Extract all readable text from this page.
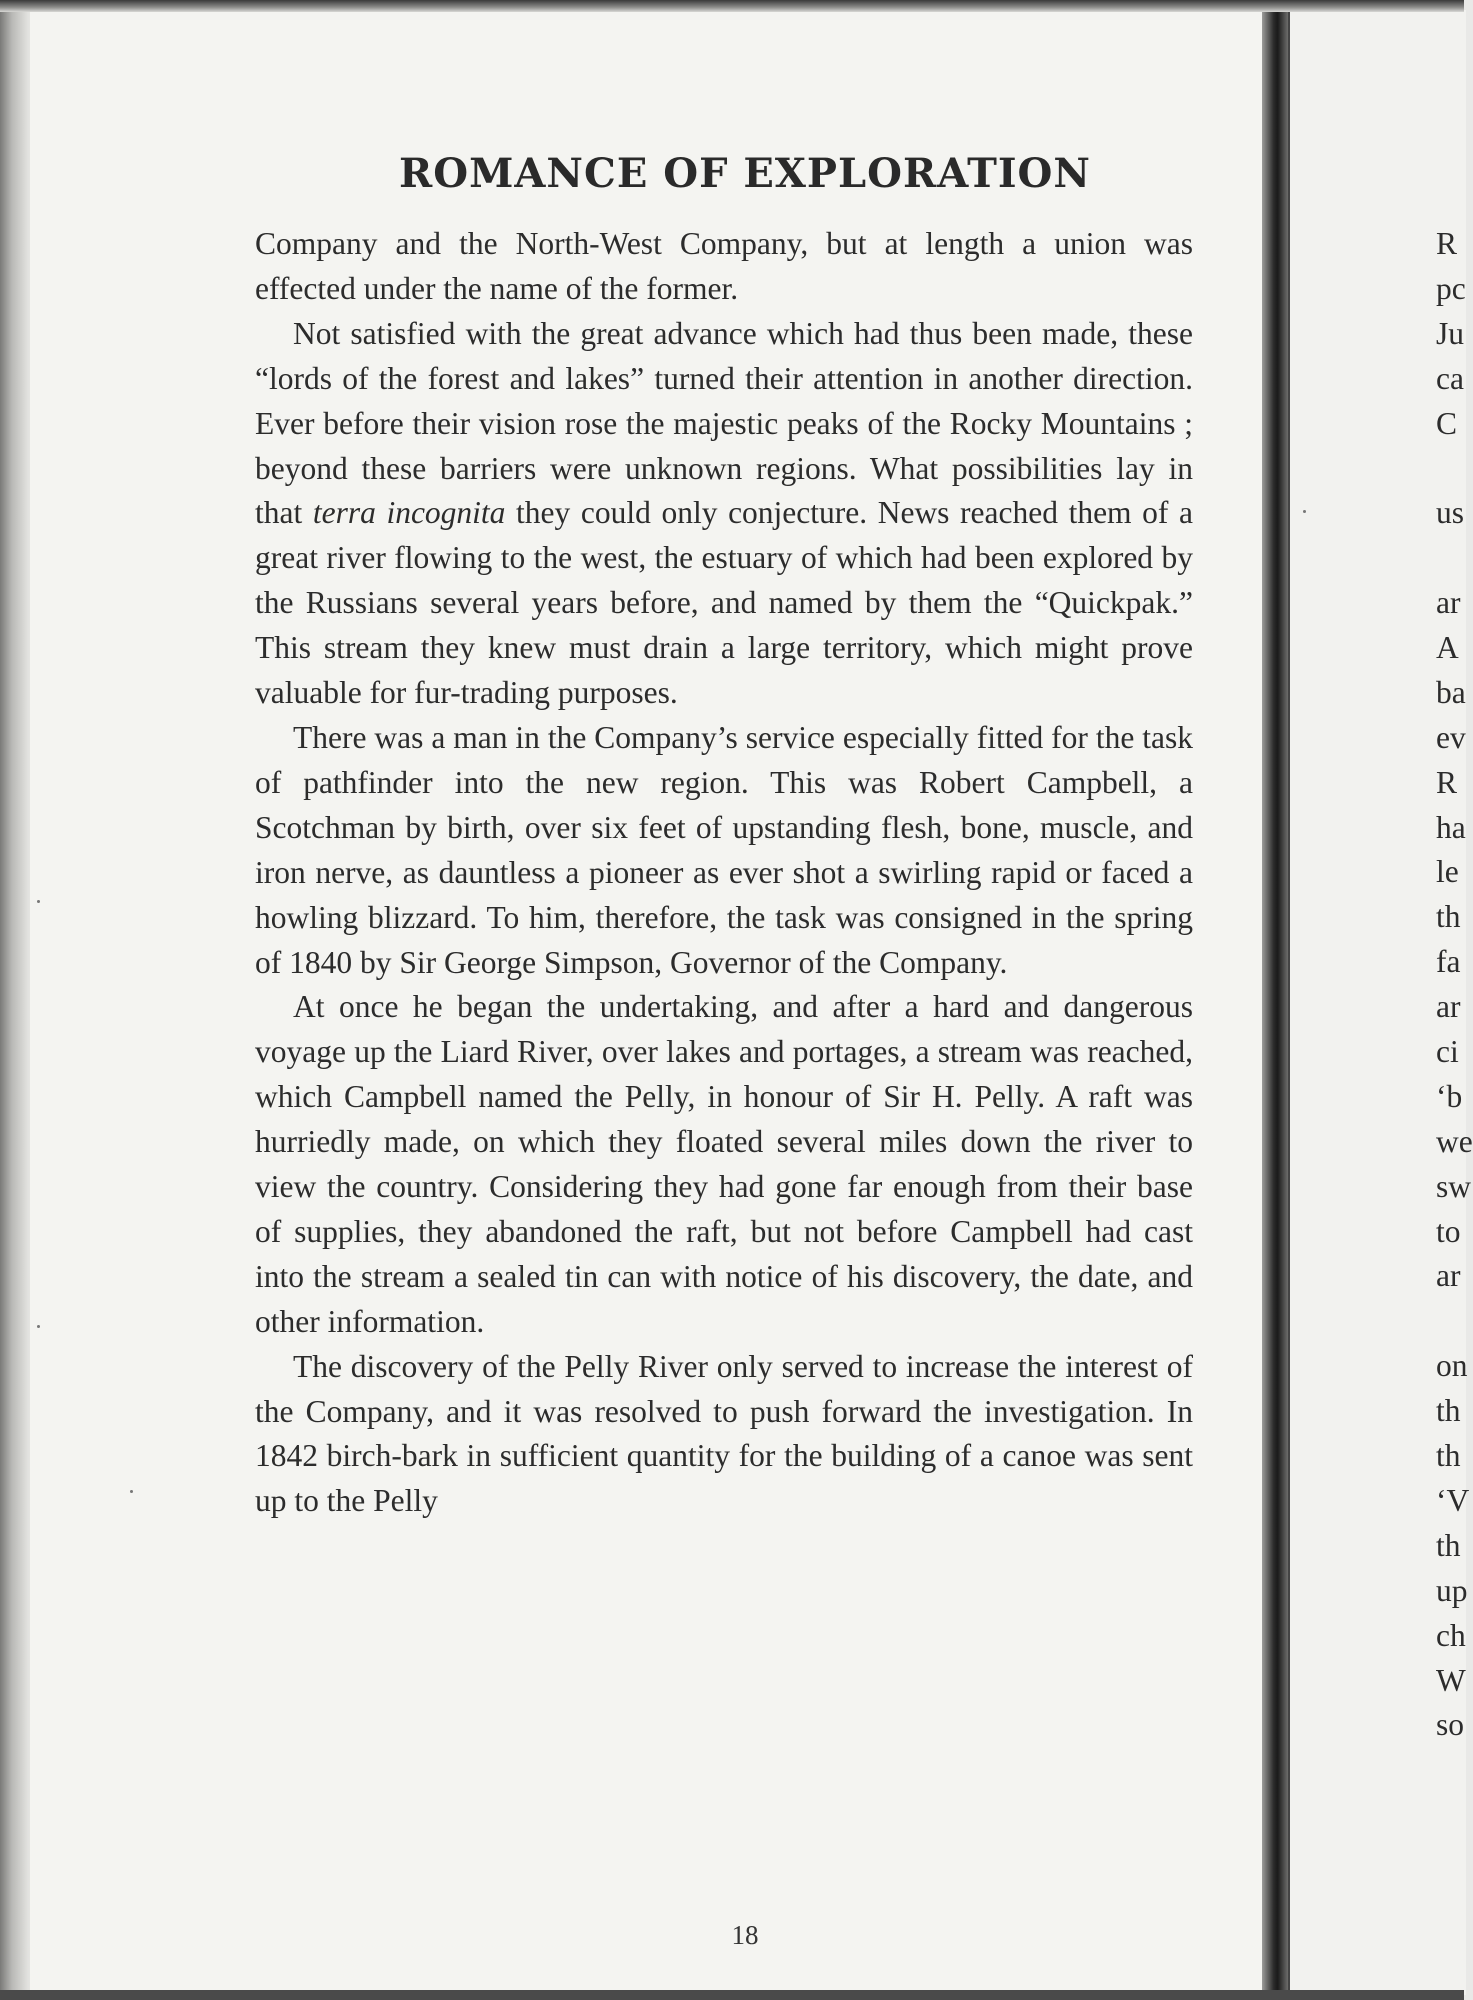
ROMANCE OF EXPLORATION

Company and the North-West Company, but at length a union was effected under the name of the former.

Not satisfied with the great advance which had thus been made, these “lords of the forest and lakes” turned their attention in another direction. Ever before their vision rose the majestic peaks of the Rocky Mountains ; beyond these barriers were unknown regions. What possibilities lay in that terra incognita they could only conjecture. News reached them of a great river flowing to the west, the estuary of which had been explored by the Russians several years before, and named by them the “Quickpak.” This stream they knew must drain a large territory, which might prove valuable for fur-trading purposes.

There was a man in the Company’s service especially fitted for the task of pathfinder into the new region. This was Robert Campbell, a Scotchman by birth, over six feet of upstanding flesh, bone, muscle, and iron nerve, as dauntless a pioneer as ever shot a swirling rapid or faced a howling blizzard. To him, therefore, the task was consigned in the spring of 1840 by Sir George Simpson, Governor of the Company.

At once he began the undertaking, and after a hard and dangerous voyage up the Liard River, over lakes and portages, a stream was reached, which Campbell named the Pelly, in honour of Sir H. Pelly. A raft was hurriedly made, on which they floated several miles down the river to view the country. Considering they had gone far enough from their base of supplies, they abandoned the raft, but not before Campbell had cast into the stream a sealed tin can with notice of his discovery, the date, and other information.

The discovery of the Pelly River only served to increase the interest of the Company, and it was resolved to push forward the investigation. In 1842 birch-bark in sufficient quantity for the building of a canoe was sent up to the Pelly

18
R
pc
Ju
ca
C
us
ar
A
ba
ev
R
ha
le
th
fa
ar
ci
‘b
we
sw
to
ar
on
th
th
‘V
th
up
ch
W
so
